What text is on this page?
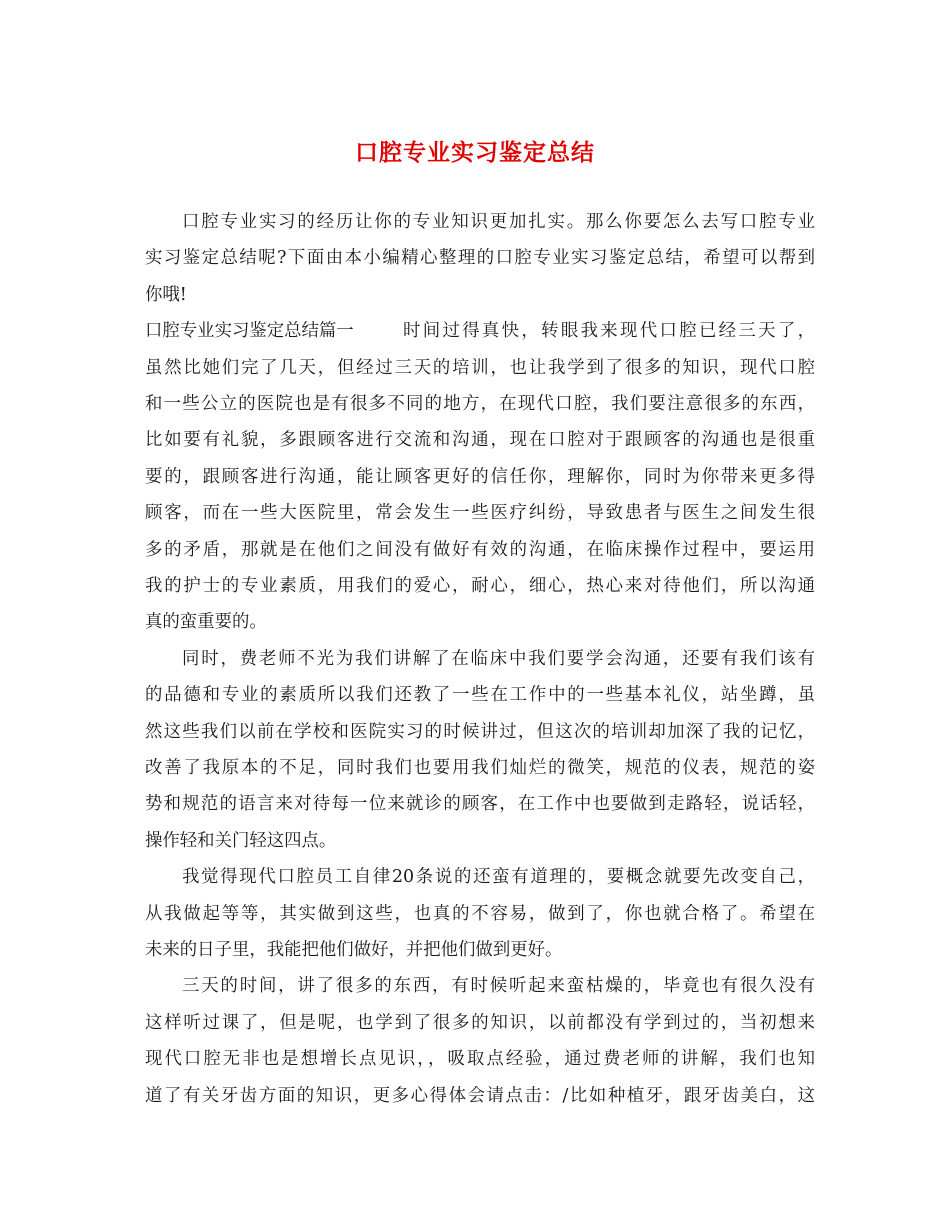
口腔专业实习鉴定总结
口腔专业实习的经历让你的专业知识更加扎实。那么你要怎么去写口腔专业
实习鉴定总结呢?下面由本小编精心整理的口腔专业实习鉴定总结，希望可以帮到
你哦!
口腔专业实习鉴定总结篇一	时间过得真快，转眼我来现代口腔已经三天了，
虽然比她们完了几天，但经过三天的培训，也让我学到了很多的知识，现代口腔
和一些公立的医院也是有很多不同的地方，在现代口腔，我们要注意很多的东西，
比如要有礼貌，多跟顾客进行交流和沟通，现在口腔对于跟顾客的沟通也是很重
要的，跟顾客进行沟通，能让顾客更好的信任你，理解你，同时为你带来更多得
顾客，而在一些大医院里，常会发生一些医疗纠纷，导致患者与医生之间发生很
多的矛盾，那就是在他们之间没有做好有效的沟通，在临床操作过程中，要运用
我的护士的专业素质，用我们的爱心，耐心，细心，热心来对待他们，所以沟通
真的蛮重要的。
同时，费老师不光为我们讲解了在临床中我们要学会沟通，还要有我们该有
的品德和专业的素质所以我们还教了一些在工作中的一些基本礼仪，站坐蹲，虽
然这些我们以前在学校和医院实习的时候讲过，但这次的培训却加深了我的记忆，
改善了我原本的不足，同时我们也要用我们灿烂的微笑，规范的仪表，规范的姿
势和规范的语言来对待每一位来就诊的顾客，在工作中也要做到走路轻，说话轻，
操作轻和关门轻这四点。
我觉得现代口腔员工自律20条说的还蛮有道理的，要概念就要先改变自己，
从我做起等等，其实做到这些，也真的不容易，做到了，你也就合格了。希望在
未来的日子里，我能把他们做好，并把他们做到更好。
三天的时间，讲了很多的东西，有时候听起来蛮枯燥的，毕竟也有很久没有
这样听过课了，但是呢，也学到了很多的知识，以前都没有学到过的，当初想来
现代口腔无非也是想增长点见识，，吸取点经验，通过费老师的讲解，我们也知
道了有关牙齿方面的知识，更多心得体会请点击：/比如种植牙，跟牙齿美白，这
